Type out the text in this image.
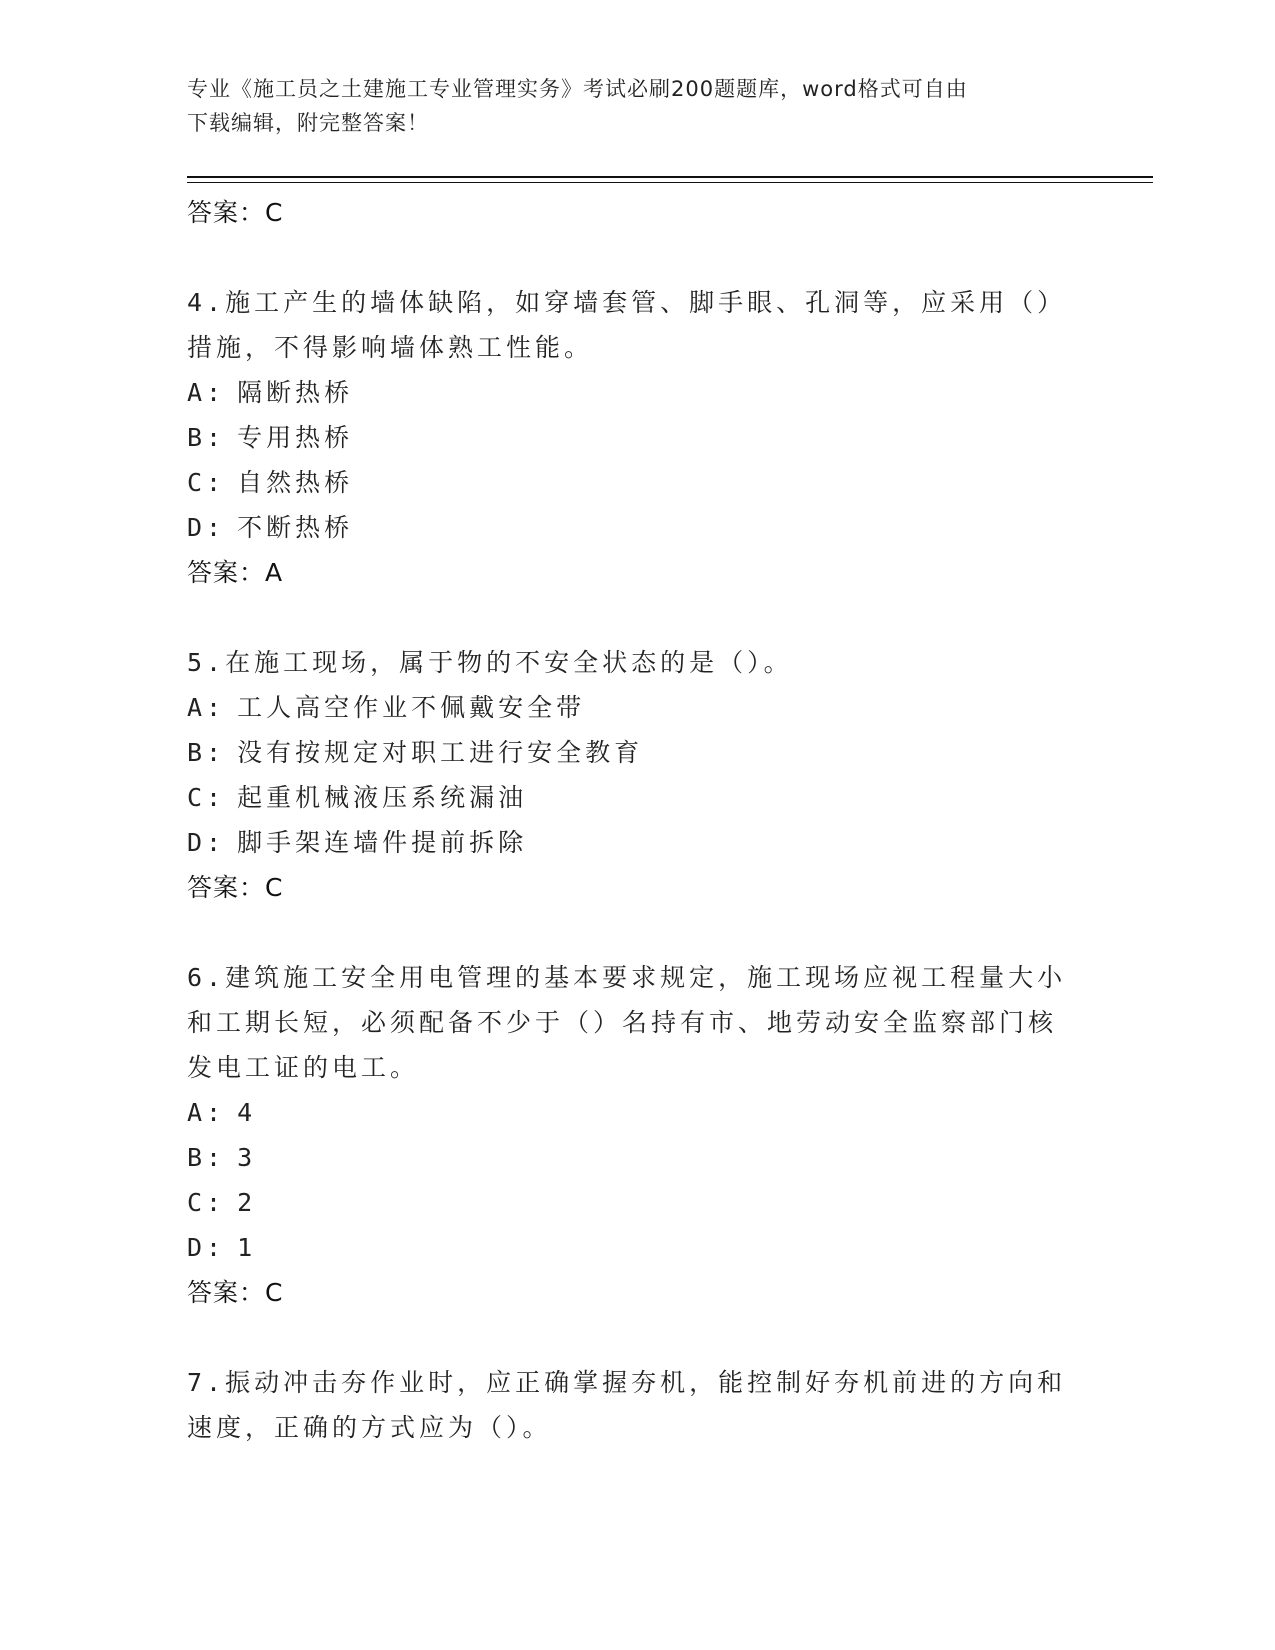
专业《施工员之土建施工专业管理实务》考试必刷200题题库，word格式可自由
下载编辑，附完整答案！
答案：C
4.施工产生的墙体缺陷，如穿墙套管、脚手眼、孔洞等，应采用（）
措施，不得影响墙体熟工性能。
A: 隔断热桥
B: 专用热桥
C: 自然热桥
D: 不断热桥
答案：A
5.在施工现场，属于物的不安全状态的是（）。
A: 工人高空作业不佩戴安全带
B: 没有按规定对职工进行安全教育
C: 起重机械液压系统漏油
D: 脚手架连墙件提前拆除
答案：C
6.建筑施工安全用电管理的基本要求规定，施工现场应视工程量大小
和工期长短，必须配备不少于（）名持有市、地劳动安全监察部门核
发电工证的电工。
A: 4
B: 3
C: 2
D: 1
答案：C
7.振动冲击夯作业时，应正确掌握夯机，能控制好夯机前进的方向和
速度，正确的方式应为（）。
